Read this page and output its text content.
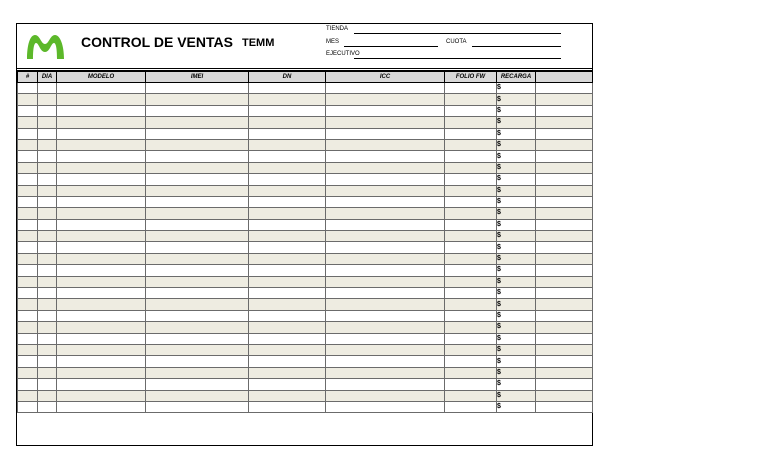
CONTROL DE VENTAS TEMM
TIENDA
MES	CUOTA
EJECUTIVO
#	DIA	MODELO	IMEI	DN	ICC	FOLIO FW	RECARGA	
							$	
							$	
							$	
							$	
							$	
							$	
							$	
							$	
							$	
							$	
							$	
							$	
							$	
							$	
							$	
							$	
							$	
							$	
							$	
							$	
							$	
							$	
							$	
							$	
							$	
							$	
							$	
							$	
							$	
